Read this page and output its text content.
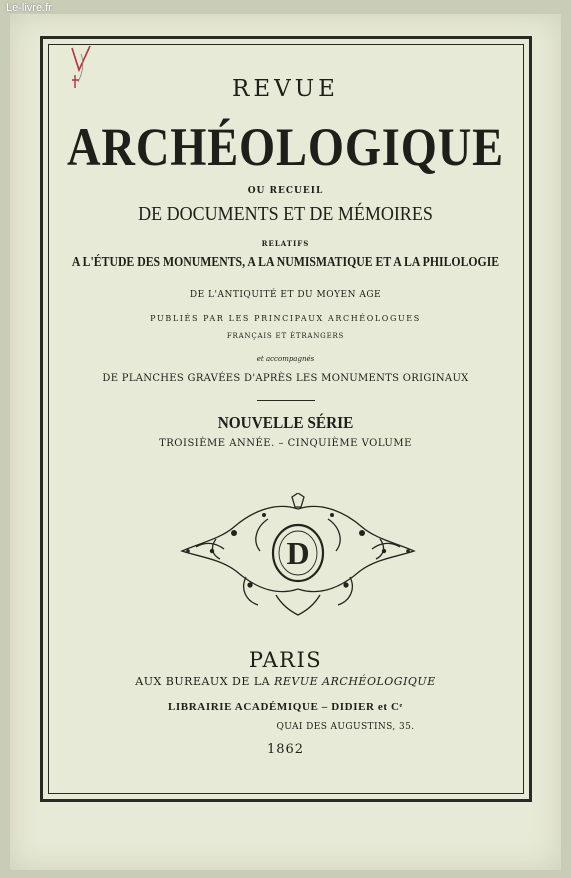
Le-livre.fr
REVUE
ARCHÉOLOGIQUE
OU RECUEIL
DE DOCUMENTS ET DE MÉMOIRES
RELATIFS
A L'ÉTUDE DES MONUMENTS, A LA NUMISMATIQUE ET A LA PHILOLOGIE
DE L'ANTIQUITÉ ET DU MOYEN AGE
PUBLIÉS PAR LES PRINCIPAUX ARCHÉOLOGUES
FRANÇAIS ET ÉTRANGERS
et accompagnés
DE PLANCHES GRAVÉES D'APRÈS LES MONUMENTS ORIGINAUX
NOUVELLE SÉRIE
TROISIÈME ANNÉE. – CINQUIÈME VOLUME
D
PARIS
AUX BUREAUX DE LA REVUE ARCHÉOLOGIQUE
LIBRAIRIE ACADÉMIQUE – DIDIER et Cᵉ
QUAI DES AUGUSTINS, 35.
1862
